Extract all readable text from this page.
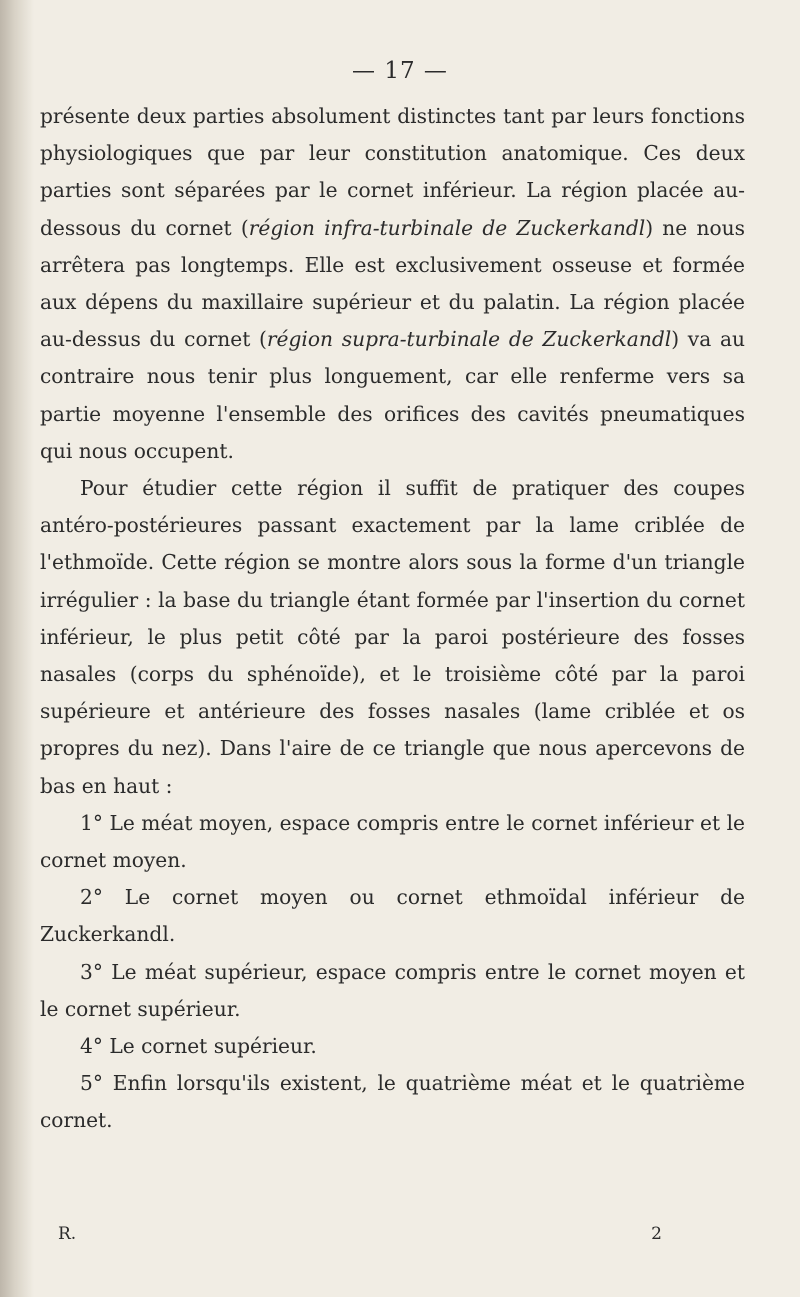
— 17 —

présente deux parties absolument distinctes tant par leurs fonctions physiologiques que par leur constitution anatomique. Ces deux parties sont séparées par le cornet inférieur. La région placée au-dessous du cornet (région infra-turbinale de Zuckerkandl) ne nous arrêtera pas longtemps. Elle est exclusivement osseuse et formée aux dépens du maxillaire supérieur et du palatin. La région placée au-dessus du cornet (région supra-turbinale de Zuckerkandl) va au contraire nous tenir plus longuement, car elle renferme vers sa partie moyenne l'ensemble des orifices des cavités pneumatiques qui nous occupent.

Pour étudier cette région il suffit de pratiquer des coupes antéro-postérieures passant exactement par la lame criblée de l'ethmoïde. Cette région se montre alors sous la forme d'un triangle irrégulier : la base du triangle étant formée par l'insertion du cornet inférieur, le plus petit côté par la paroi postérieure des fosses nasales (corps du sphénoïde), et le troisième côté par la paroi supérieure et antérieure des fosses nasales (lame criblée et os propres du nez). Dans l'aire de ce triangle que nous apercevons de bas en haut :

1° Le méat moyen, espace compris entre le cornet inférieur et le cornet moyen.

2° Le cornet moyen ou cornet ethmoïdal inférieur de Zuckerkandl.

3° Le méat supérieur, espace compris entre le cornet moyen et le cornet supérieur.

4° Le cornet supérieur.

5° Enfin lorsqu'ils existent, le quatrième méat et le quatrième cornet.

R.	2
